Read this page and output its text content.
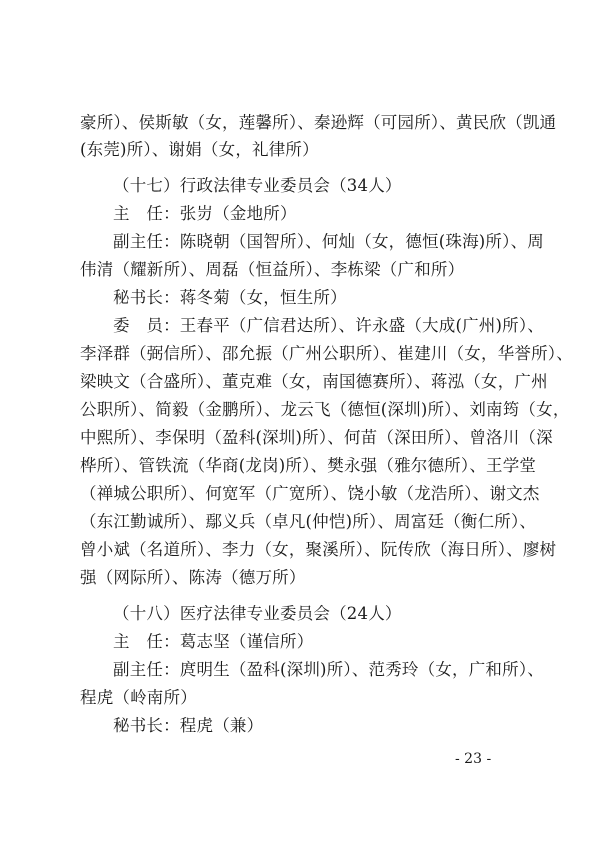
豪所）、侯斯敏（女，莲馨所）、秦逊辉（可园所）、黄民欣（凯通
(东莞)所）、谢娟（女，礼律所）
（十七）行政法律专业委员会（34人）
主　任：张岃（金地所）
副主任：陈晓朝（国智所）、何灿（女，德恒(珠海)所）、周
伟清（耀新所）、周磊（恒益所）、李栋梁（广和所）
秘书长：蒋冬菊（女，恒生所）
委　员：王春平（广信君达所）、许永盛（大成(广州)所）、
李泽群（弼信所）、邵允振（广州公职所）、崔建川（女，华誉所）、
梁映文（合盛所）、董克难（女，南国德赛所）、蒋泓（女，广州
公职所）、简毅（金鹏所）、龙云飞（德恒(深圳)所）、刘南筠（女，
中熙所）、李保明（盈科(深圳)所）、何苗（深田所）、曾洛川（深
桦所）、管铁流（华商(龙岗)所）、樊永强（雅尔德所）、王学堂
（禅城公职所）、何宽军（广宽所）、饶小敏（龙浩所）、谢文杰
（东江勤诚所）、鄢义兵（卓凡(仲恺)所）、周富廷（衡仁所）、
曾小斌（名道所）、李力（女，聚溪所）、阮传欣（海日所）、廖树
强（网际所）、陈涛（德万所）
（十八）医疗法律专业委员会（24人）
主　任：葛志坚（谨信所）
副主任：庹明生（盈科(深圳)所）、范秀玲（女，广和所）、
程虎（岭南所）
秘书长：程虎（兼）
- 23 -
